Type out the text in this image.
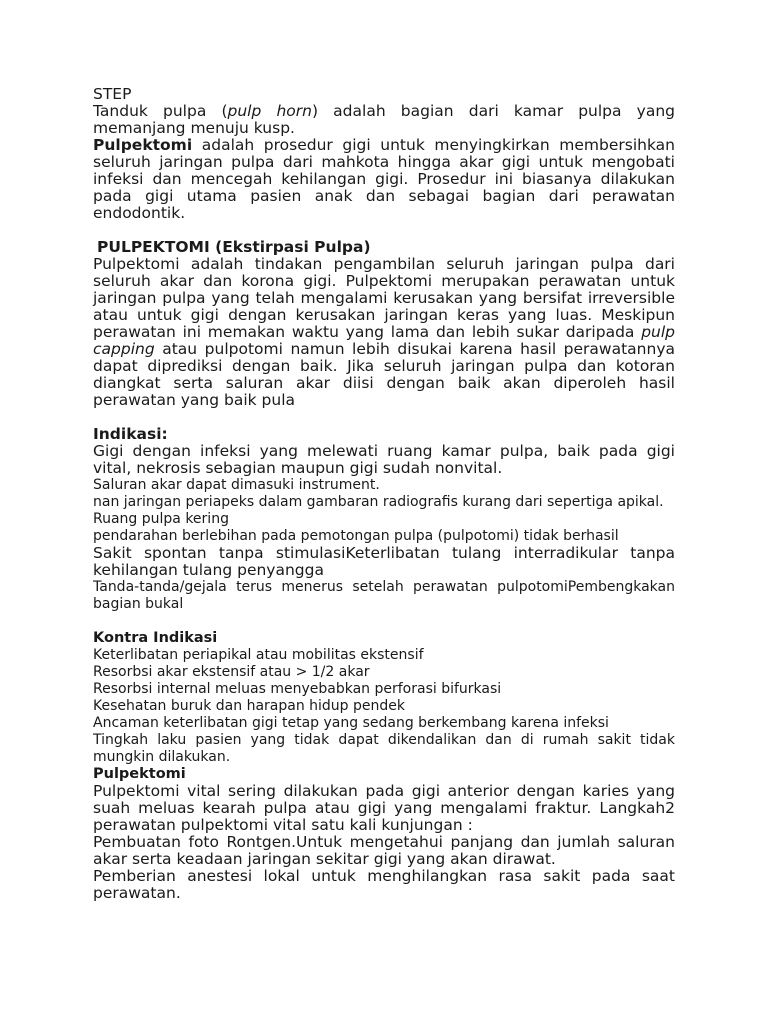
STEP

Tanduk pulpa (pulp horn) adalah bagian dari kamar pulpa yang memanjang menuju kusp.

Pulpektomi adalah prosedur gigi untuk menyingkirkan membersihkan seluruh jaringan pulpa dari mahkota hingga akar gigi untuk mengobati infeksi dan mencegah kehilangan gigi. Prosedur ini biasanya dilakukan pada gigi utama pasien anak dan sebagai bagian dari perawatan endodontik.

PULPEKTOMI (Ekstirpasi Pulpa)

Pulpektomi adalah tindakan pengambilan seluruh jaringan pulpa dari seluruh akar dan korona gigi. Pulpektomi merupakan perawatan untuk jaringan pulpa yang telah mengalami kerusakan yang bersifat irreversible atau untuk gigi dengan kerusakan jaringan keras yang luas. Meskipun perawatan ini memakan waktu yang lama dan lebih sukar daripada pulp capping atau pulpotomi namun lebih disukai karena hasil perawatannya dapat diprediksi dengan baik. Jika seluruh jaringan pulpa dan kotoran diangkat serta saluran akar diisi dengan baik akan diperoleh hasil perawatan yang baik pula

Indikasi:

Gigi dengan infeksi yang melewati ruang kamar pulpa, baik pada gigi vital, nekrosis sebagian maupun gigi sudah nonvital.

Saluran akar dapat dimasuki instrument.

nan jaringan periapeks dalam gambaran radiografis kurang dari sepertiga apikal.

Ruang pulpa kering

pendarahan berlebihan pada pemotongan pulpa (pulpotomi) tidak berhasil

Sakit spontan tanpa stimulasiKeterlibatan tulang interradikular tanpa kehilangan tulang penyangga

Tanda-tanda/gejala terus menerus setelah perawatan pulpotomiPembengkakan bagian bukal

Kontra Indikasi

Keterlibatan periapikal atau mobilitas ekstensif

Resorbsi akar ekstensif atau > 1/2 akar

Resorbsi internal meluas menyebabkan perforasi bifurkasi

Kesehatan buruk dan harapan hidup pendek

Ancaman keterlibatan gigi tetap yang sedang berkembang karena infeksi

Tingkah laku pasien yang tidak dapat dikendalikan dan di rumah sakit tidak mungkin dilakukan.

Pulpektomi

Pulpektomi vital sering dilakukan pada gigi anterior dengan karies yang suah meluas kearah pulpa atau gigi yang mengalami fraktur. Langkah2 perawatan pulpektomi vital satu kali kunjungan :

Pembuatan foto Rontgen.Untuk mengetahui panjang dan jumlah saluran akar serta keadaan jaringan sekitar gigi yang akan dirawat.

Pemberian anestesi lokal untuk menghilangkan rasa sakit pada saat perawatan.
